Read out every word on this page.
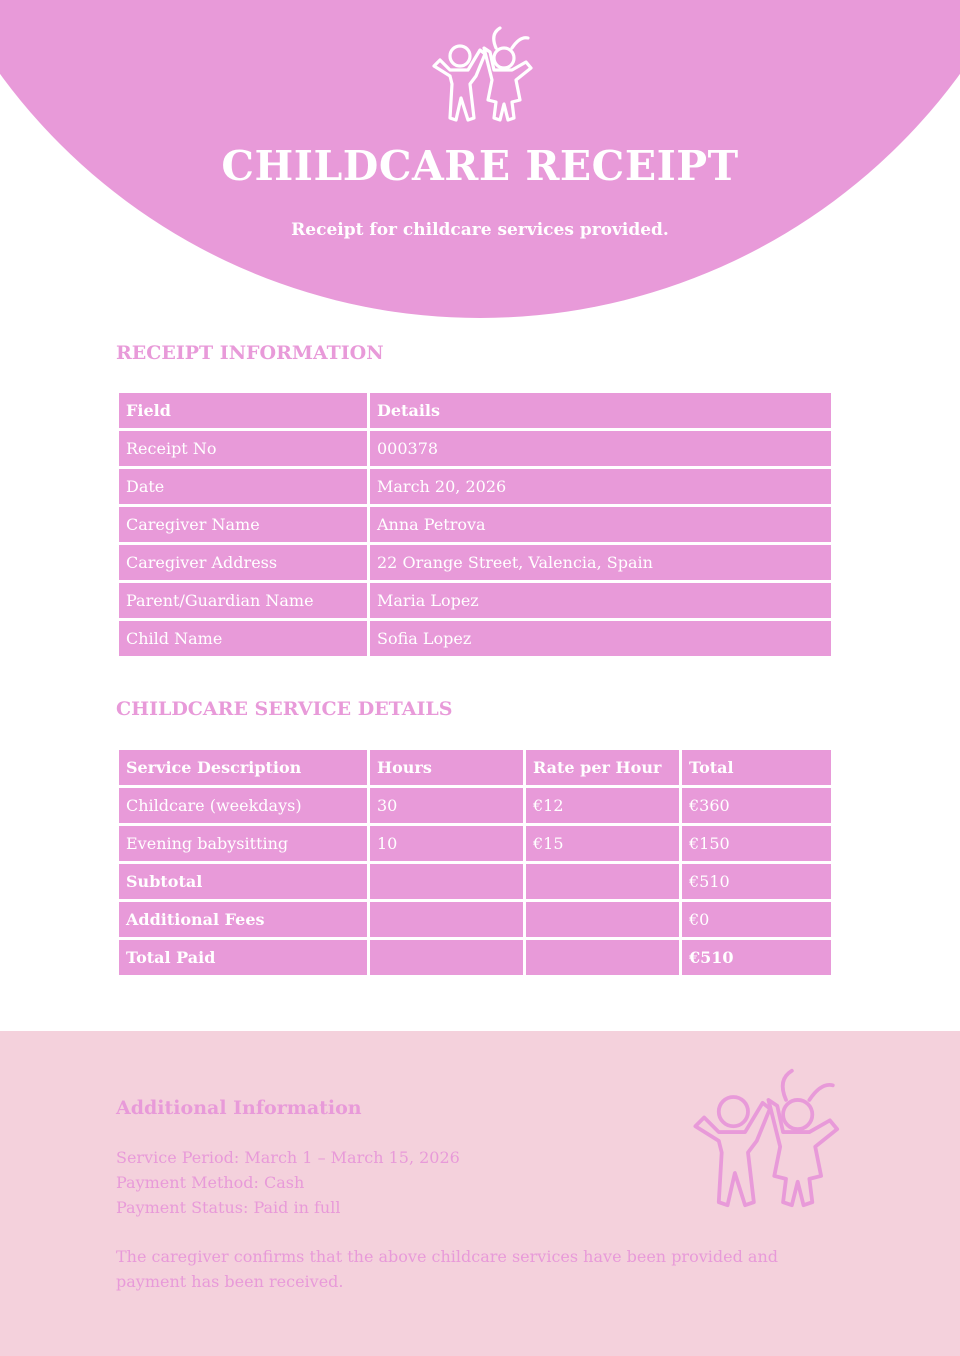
CHILDCARE RECEIPT
Receipt for childcare services provided.
RECEIPT INFORMATION
Field	Details
Receipt No	000378
Date	March 20, 2026
Caregiver Name	Anna Petrova
Caregiver Address	22 Orange Street, Valencia, Spain
Parent/Guardian Name	Maria Lopez
Child Name	Sofia Lopez
CHILDCARE SERVICE DETAILS
Service Description	Hours	Rate per Hour	Total
Childcare (weekdays)	30	€12	€360
Evening babysitting	10	€15	€150
Subtotal			€510
Additional Fees			€0
Total Paid			€510
Additional Information
Service Period: March 1 – March 15, 2026
Payment Method: Cash
Payment Status: Paid in full
The caregiver confirms that the above childcare services have been provided and payment has been received.
